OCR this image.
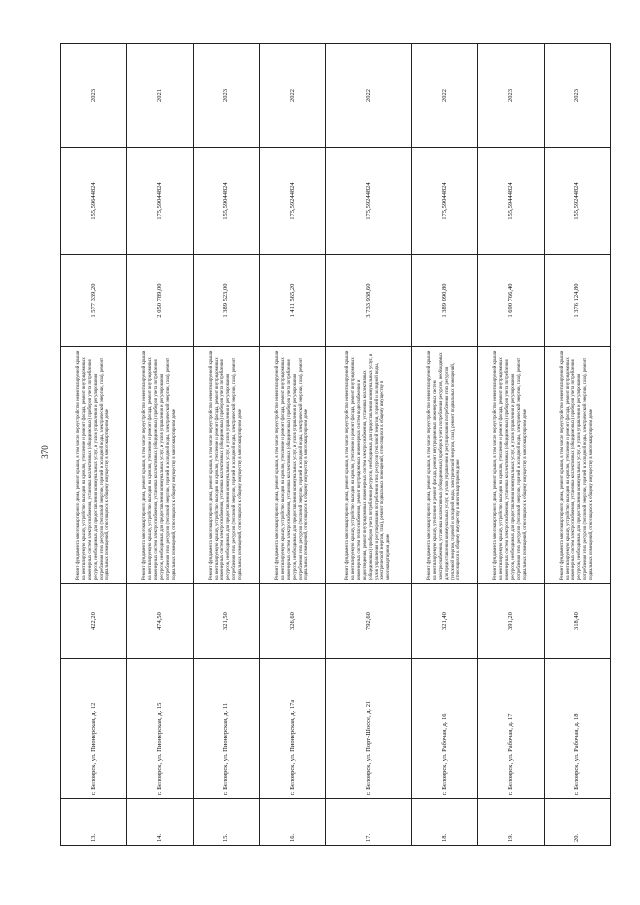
370
13.	г. Белоярск, ул. Пионерская, д. 12	422,20	Ремонт фундамента многоквартирного дома, ремонт крыши, в том числе переустройство невентилируемой крыши на вентилируемую крышу, устройство выходов на кровлю, утепление и ремонт фасада, ремонт внутридомовых инженерных систем электроснабжения, установка коллективных (общедомовых) приборов учета потребления ресурсов, необходимых для предоставления коммунальных услуг, и узлов управления и регулирования потребления этих ресурсов (тепловой энергии, горячей и холодной воды, электрической энергии, газа), ремонт подвальных помещений, относящихся к общему имуществу в многоквартирном доме	1 577 339,20	155,59644824	2023
14.	г. Белоярск, ул. Пионерская, д. 15	474,50	Ремонт фундамента многоквартирного дома, ремонт крыши, в том числе переустройство невентилируемой крыши на вентилируемую крышу, устройство выходов на кровлю, утепление и ремонт фасада, ремонт внутридомовых инженерных систем электроснабжения, установка коллективных (общедомовых) приборов учета потребления ресурсов, необходимых для предоставления коммунальных услуг, и узлов управления и регулирования потребления этих ресурсов (тепловой энергии, горячей и холодной воды, электрической энергии, газа), ремонт подвальных помещений, относящихся к общему имуществу в многоквартирном доме	2 050 789,00	175,59044824	2021
15.	г. Белоярск, ул. Пионерская, д. 11	321,50	Ремонт фундамента многоквартирного дома, ремонт крыши, в том числе переустройство невентилируемой крыши на вентилируемую крышу, устройство выходов на кровлю, утепление и ремонт фасада, ремонт внутридомовых инженерных систем электроснабжения, установка коллективных (общедомовых) приборов учета потребления ресурсов, необходимых для предоставления коммунальных услуг, и узлов управления и регулирования потребления этих ресурсов (тепловой энергии, горячей и холодной воды, электрической энергии, газа), ремонт подвальных помещений, относящихся к общему имуществу в многоквартирном доме	1 389 523,00	155,59044824	2023
16.	г. Белоярск, ул. Пионерская, д. 17а	326,60	Ремонт фундамента многоквартирного дома, ремонт крыши, в том числе переустройство невентилируемой крыши на вентилируемую крышу, устройство выходов на кровлю, утепление и ремонт фасада, ремонт внутридомовых инженерных систем электроснабжения, установка коллективных (общедомовых) приборов учета потребления ресурсов, необходимых для предоставления коммунальных услуг, и узлов управления и регулирования потребления этих ресурсов (тепловой энергии, горячей и холодной воды, электрической энергии, газа), ремонт подвальных помещений, относящихся к общему имуществу в многоквартирном доме	1 411 565,20	175,59244824	2022
17.	г. Белоярск, ул. Порт-Шоссе, д. 21	792,60	Ремонт фундамента многоквартирного дома, ремонт крыши, в том числе переустройство невентилируемой крыши на вентилируемую крышу, устройство выходов на кровлю, утепление и ремонт фасада, ремонт внутридомовых инженерных систем теплоснабжения, ремонт внутридомовых инженерных систем водоснабжения и водоотведения, ремонт внутридомовых инженерных систем электроснабжения, установка коллективных (общедомовых) приборов учета потребления ресурсов, необходимых для предоставления коммунальных услуг, и узлов управления и регулирования потребления этих ресурсов (тепловой энергии, горячей и холодной воды, электрической энергии, газа), ремонт подвальных помещений, относящихся к общему имуществу в многоквартирном доме	3 733 938,60	175,59244824	2022
18.	г. Белоярск, ул. Рабочая, д. 16	321,40	Ремонт фундамента многоквартирного дома, ремонт крыши, в том числе переустройство невентилируемой крыши на вентилируемую крышу, утепление и ремонт фасада, ремонт внутридомовых инженерных систем электроснабжения, установка коллективных (общедомовых) приборов учета потребления ресурсов, необходимых для предоставления коммунальных услуг, и узлов управления и регулирования потребления этих ресурсов (тепловой энергии, горячей и холодной воды, электрической энергии, газа), ремонт подвальных помещений, относящихся к общему имуществу в многоквартирном доме	1 389 090,80	175,59044824	2022
19.	г. Белоярск, ул. Рабочая, д. 17	391,20	Ремонт фундамента многоквартирного дома, ремонт крыши, в том числе переустройство невентилируемой крыши на вентилируемую крышу, устройство выходов на кровлю, утепление и ремонт фасада, ремонт внутридомовых инженерных систем электроснабжения, установка коллективных (общедомовых) приборов учета потребления ресурсов, необходимых для предоставления коммунальных услуг, и узлов управления и регулирования потребления этих ресурсов (тепловой энергии, горячей и холодной воды, электрической энергии, газа), ремонт подвальных помещений, относящихся к общему имуществу в многоквартирном доме	1 690 766,40	155,59444824	2023
20.	г. Белоярск, ул. Рабочая, д. 18	318,40	Ремонт фундамента многоквартирного дома, ремонт крыши, в том числе переустройство невентилируемой крыши на вентилируемую крышу, устройство выходов на кровлю, утепление и ремонт фасада, ремонт внутридомовых инженерных систем электроснабжения, установка коллективных (общедомовых) приборов учета потребления ресурсов, необходимых для предоставления коммунальных услуг, и узлов управления и регулирования потребления этих ресурсов (тепловой энергии, горячей и холодной воды, электрической энергии, газа), ремонт подвальных помещений, относящихся к общему имуществу в многоквартирном доме	1 376 124,80	155,59244824	2023
